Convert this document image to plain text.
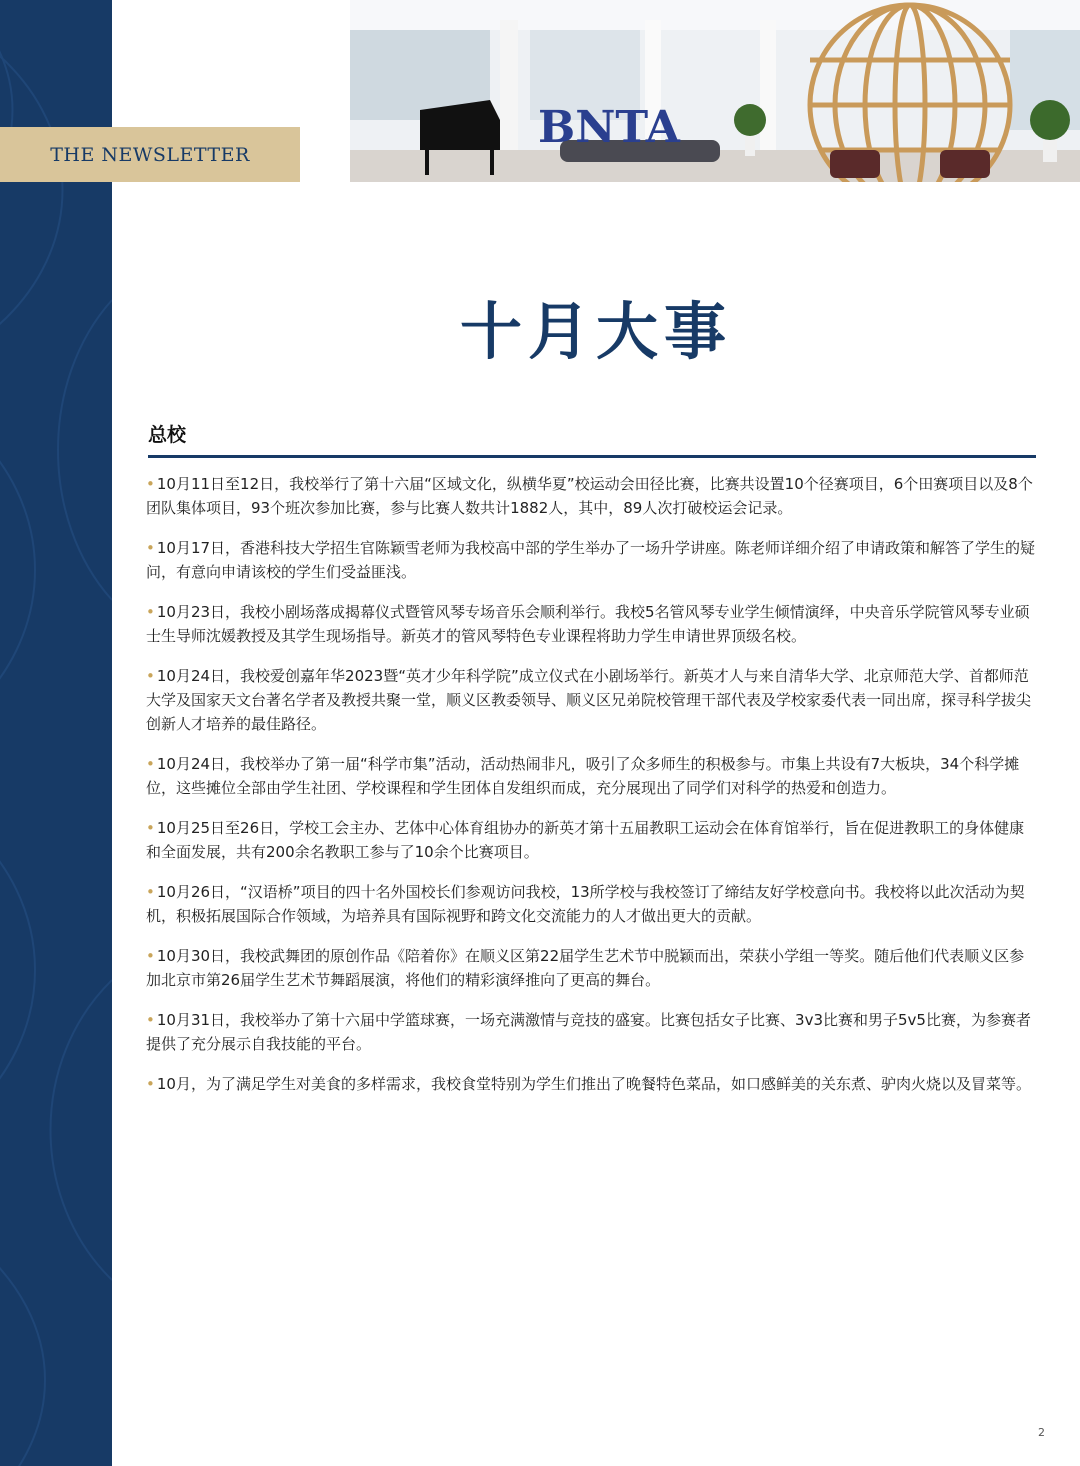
THE NEWSLETTER
BNTA
十月大事
总校
• 10月11日至12日，我校举行了第十六届“区域文化，纵横华夏”校运动会田径比赛，比赛共设置10个径赛项目，6个田赛项目以及8个团队集体项目，93个班次参加比赛，参与比赛人数共计1882人，其中，89人次打破校运会记录。
• 10月17日，香港科技大学招生官陈颖雪老师为我校高中部的学生举办了一场升学讲座。陈老师详细介绍了申请政策和解答了学生的疑问，有意向申请该校的学生们受益匪浅。
• 10月23日，我校小剧场落成揭幕仪式暨管风琴专场音乐会顺利举行。我校5名管风琴专业学生倾情演绎，中央音乐学院管风琴专业硕士生导师沈媛教授及其学生现场指导。新英才的管风琴特色专业课程将助力学生申请世界顶级名校。
• 10月24日，我校爱创嘉年华2023暨“英才少年科学院”成立仪式在小剧场举行。新英才人与来自清华大学、北京师范大学、首都师范大学及国家天文台著名学者及教授共聚一堂，顺义区教委领导、顺义区兄弟院校管理干部代表及学校家委代表一同出席，探寻科学拔尖创新人才培养的最佳路径。
• 10月24日，我校举办了第一届“科学市集”活动，活动热闹非凡，吸引了众多师生的积极参与。市集上共设有7大板块，34个科学摊位，这些摊位全部由学生社团、学校课程和学生团体自发组织而成，充分展现出了同学们对科学的热爱和创造力。
• 10月25日至26日，学校工会主办、艺体中心体育组协办的新英才第十五届教职工运动会在体育馆举行，旨在促进教职工的身体健康和全面发展，共有200余名教职工参与了10余个比赛项目。
• 10月26日，“汉语桥”项目的四十名外国校长们参观访问我校，13所学校与我校签订了缔结友好学校意向书。我校将以此次活动为契机，积极拓展国际合作领域，为培养具有国际视野和跨文化交流能力的人才做出更大的贡献。
• 10月30日，我校武舞团的原创作品《陪着你》在顺义区第22届学生艺术节中脱颖而出，荣获小学组一等奖。随后他们代表顺义区参加北京市第26届学生艺术节舞蹈展演，将他们的精彩演绎推向了更高的舞台。
• 10月31日，我校举办了第十六届中学篮球赛，一场充满激情与竞技的盛宴。比赛包括女子比赛、3v3比赛和男子5v5比赛，为参赛者提供了充分展示自我技能的平台。
• 10月，为了满足学生对美食的多样需求，我校食堂特别为学生们推出了晚餐特色菜品，如口感鲜美的关东煮、驴肉火烧以及冒菜等。
2
